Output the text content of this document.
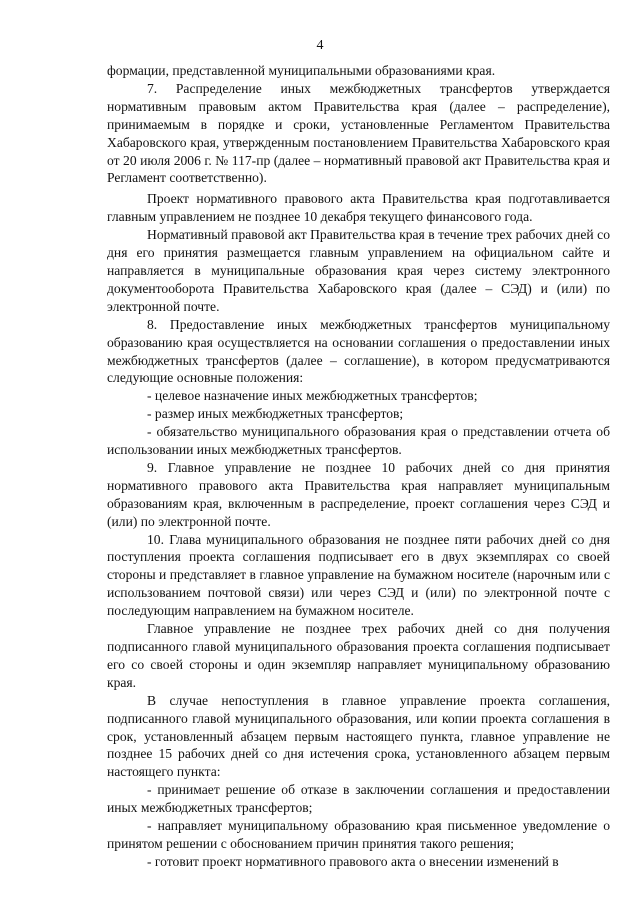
4

формации, представленной муниципальными образованиями края.

7. Распределение иных межбюджетных трансфертов утверждается нормативным правовым актом Правительства края (далее – распределение), принимаемым в порядке и сроки, установленные Регламентом Правительства Хабаровского края, утвержденным постановлением Правительства Хабаровского края от 20 июля 2006 г. № 117-пр (далее – нормативный правовой акт Правительства края и Регламент соответственно).

Проект нормативного правового акта Правительства края подготавливается главным управлением не позднее 10 декабря текущего финансового года.

Нормативный правовой акт Правительства края в течение трех рабочих дней со дня его принятия размещается главным управлением на официальном сайте и направляется в муниципальные образования края через систему электронного документооборота Правительства Хабаровского края (далее – СЭД) и (или) по электронной почте.

8. Предоставление иных межбюджетных трансфертов муниципальному образованию края осуществляется на основании соглашения о предоставлении иных межбюджетных трансфертов (далее – соглашение), в котором предусматриваются следующие основные положения:

- целевое назначение иных межбюджетных трансфертов;

- размер иных межбюджетных трансфертов;

- обязательство муниципального образования края о представлении отчета об использовании иных межбюджетных трансфертов.

9. Главное управление не позднее 10 рабочих дней со дня принятия нормативного правового акта Правительства края направляет муниципальным образованиям края, включенным в распределение, проект соглашения через СЭД и (или) по электронной почте.

10. Глава муниципального образования не позднее пяти рабочих дней со дня поступления проекта соглашения подписывает его в двух экземплярах со своей стороны и представляет в главное управление на бумажном носителе (нарочным или с использованием почтовой связи) или через СЭД и (или) по электронной почте с последующим направлением на бумажном носителе.

Главное управление не позднее трех рабочих дней со дня получения подписанного главой муниципального образования проекта соглашения подписывает его со своей стороны и один экземпляр направляет муниципальному образованию края.

В случае непоступления в главное управление проекта соглашения, подписанного главой муниципального образования, или копии проекта соглашения в срок, установленный абзацем первым настоящего пункта, главное управление не позднее 15 рабочих дней со дня истечения срока, установленного абзацем первым настоящего пункта:

- принимает решение об отказе в заключении соглашения и предоставлении иных межбюджетных трансфертов;

- направляет муниципальному образованию края письменное уведомление о принятом решении с обоснованием причин принятия такого решения;

- готовит проект нормативного правового акта о внесении изменений в
